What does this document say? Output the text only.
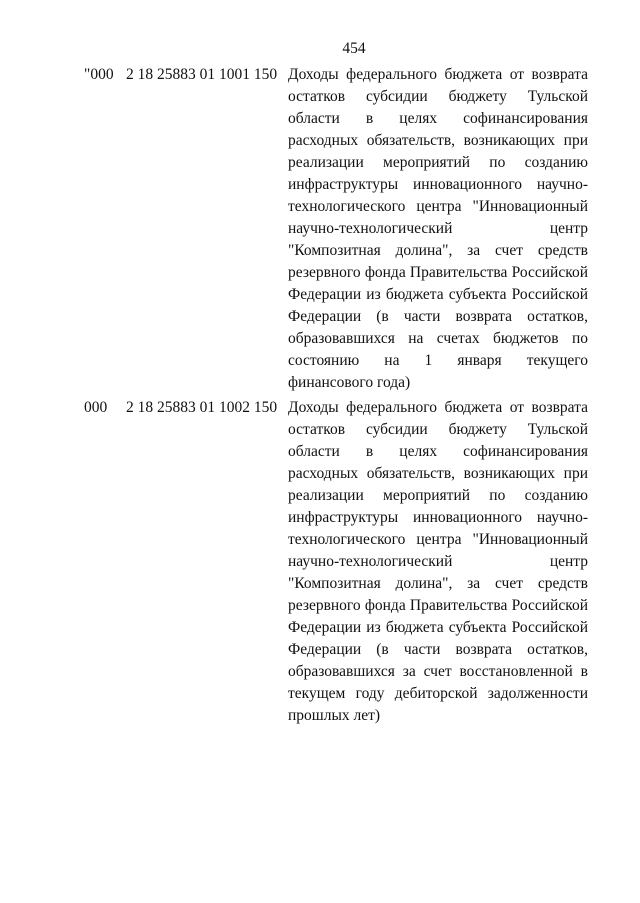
454
"000 2 18 25883 01 1001 150 Доходы федерального бюджета от возврата остатков субсидии бюджету Тульской области в целях софинансирования расходных обязательств, возникающих при реализации мероприятий по созданию инфраструктуры инновационного научно-технологического центра "Инновационный научно-технологический центр "Композитная долина", за счет средств резервного фонда Правительства Российской Федерации из бюджета субъекта Российской Федерации (в части возврата остатков, образовавшихся на счетах бюджетов по состоянию на 1 января текущего финансового года)
000 2 18 25883 01 1002 150 Доходы федерального бюджета от возврата остатков субсидии бюджету Тульской области в целях софинансирования расходных обязательств, возникающих при реализации мероприятий по созданию инфраструктуры инновационного научно-технологического центра "Инновационный научно-технологический центр "Композитная долина", за счет средств резервного фонда Правительства Российской Федерации из бюджета субъекта Российской Федерации (в части возврата остатков, образовавшихся за счет восстановленной в текущем году дебиторской задолженности прошлых лет)
